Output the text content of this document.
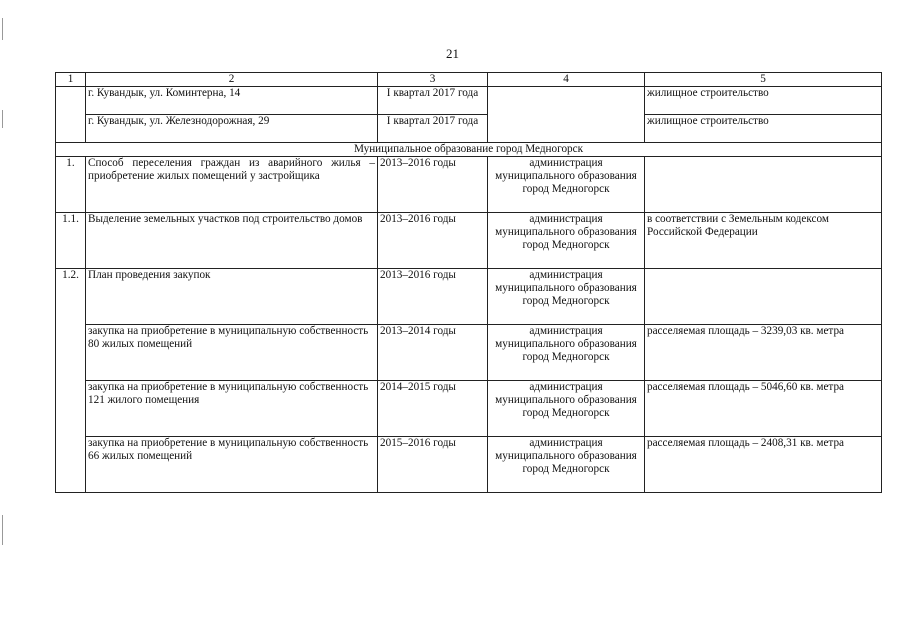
21
1	2	3	4	5
	г. Кувандык, ул. Коминтерна, 14	I квартал 2017 года		жилищное строительство
	г. Кувандык, ул. Железнодорожная, 29	I квартал 2017 года		жилищное строительство
Муниципальное образование город Медногорск				
1.	Способ переселения граждан из аварийного жилья – приобретение жилых помещений у застройщика	2013–2016 годы	администрация муниципального образования город Медногорск	
1.1.	Выделение земельных участков под строительство домов	2013–2016 годы	администрация муниципального образования город Медногорск	в соответствии с Земельным кодексом Российской Федерации
1.2.	План проведения закупок	2013–2016 годы	администрация муниципального образования город Медногорск	
	закупка на приобретение в муниципальную собственность 80 жилых помещений	2013–2014 годы	администрация муниципального образования город Медногорск	расселяемая площадь – 3239,03 кв. метра
	закупка на приобретение в муниципальную собственность 121 жилого помещения	2014–2015 годы	администрация муниципального образования город Медногорск	расселяемая площадь – 5046,60 кв. метра
	закупка на приобретение в муниципальную собственность 66 жилых помещений	2015–2016 годы	администрация муниципального образования город Медногорск	расселяемая площадь – 2408,31 кв. метра
